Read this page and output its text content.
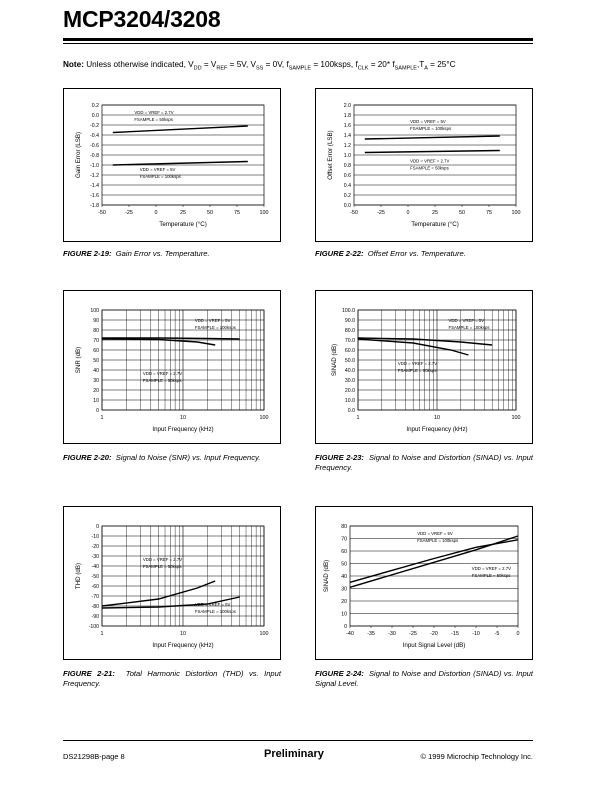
MCP3204/3208
Note: Unless otherwise indicated, $V_{DD} = V_{REF} = 5V$, $V_{SS} = 0V$, $f_{SAMPLE}$ = 100ksps, $f_{CLK} = 20*$ $f_{SAMPLE},T_A = 25^\circ C$
0.2
0.0
-0.2
-0.4
-0.6
-0.8
-1.0
-1.2
-1.4
-1.6
-1.8
-50	-25	0	25	50	75	100
Temperature (°C)
Gain Error (LSB)
VDD = VREF = 2.7V
FSAMPLE = 50ksps
VDD = VREF = 5V
FSAMPLE = 100ksps
2.0
1.8
1.6
1.4
1.2
1.0
0.8
0.6
0.4
0.2
0.0
-50	-25	0	25	50	75	100
Temperature (°C)
Offset Error (LSB)
VDD = VREF = 5V
FSAMPLE = 100ksps
VDD = VREF = 2.7V
FSAMPLE = 50ksps
100
90
80
70
60
50
40
30
20
10
0
1	10	100
Input Frequency (kHz)
SNR (dB)
VDD = VREF = 5V
FSAMPLE = 100ksps
VDD = VREF = 2.7V
FSAMPLE = 50ksps
100.0
90.0
80.0
70.0
60.0
50.0
40.0
30.0
20.0
10.0
0.0
1	10	100
Input Frequency (kHz)
SINAD (dB)
VDD = VREF = 5V
FSAMPLE = 100ksps
VDD = VREF = 2.7V
FSAMPLE = 50ksps
0
-10
-20
-30
-40
-50
-60
-70
-80
-90
-100
1	10	100
Input Frequency (kHz)
THD (dB)
VDD = VREF = 2.7V
FSAMPLE = 50ksps
VDD = VREF = 5V
FSAMPLE = 100ksps
80
70
60
50
40
30
20
10
0
-40 -35 -30 -25 -20 -15 -10	-5	0
Input Signal Level (dB)
SINAD (dB)
VDD = VREF = 5V
FSAMPLE = 100ksps
VDD = VREF = 2.7V
FSAMPLE = 50ksps
FIGURE 2-19: Gain Error vs. Temperature.	FIGURE 2-22: Offset Error vs. Temperature.
FIGURE 2-20: Signal to Noise (SNR) vs. Input Frequency.	FIGURE 2-23: Signal to Noise and Distortion (SINAD) vs. Input Frequency.
FIGURE 2-21: Total Harmonic Distortion (THD) vs. Input Frequency.
FIGURE 2-24: Signal to Noise and Distortion (SINAD) vs. Input Signal Level.
DS21298B-page 8	Preliminary	© 1999 Microchip Technology Inc.
